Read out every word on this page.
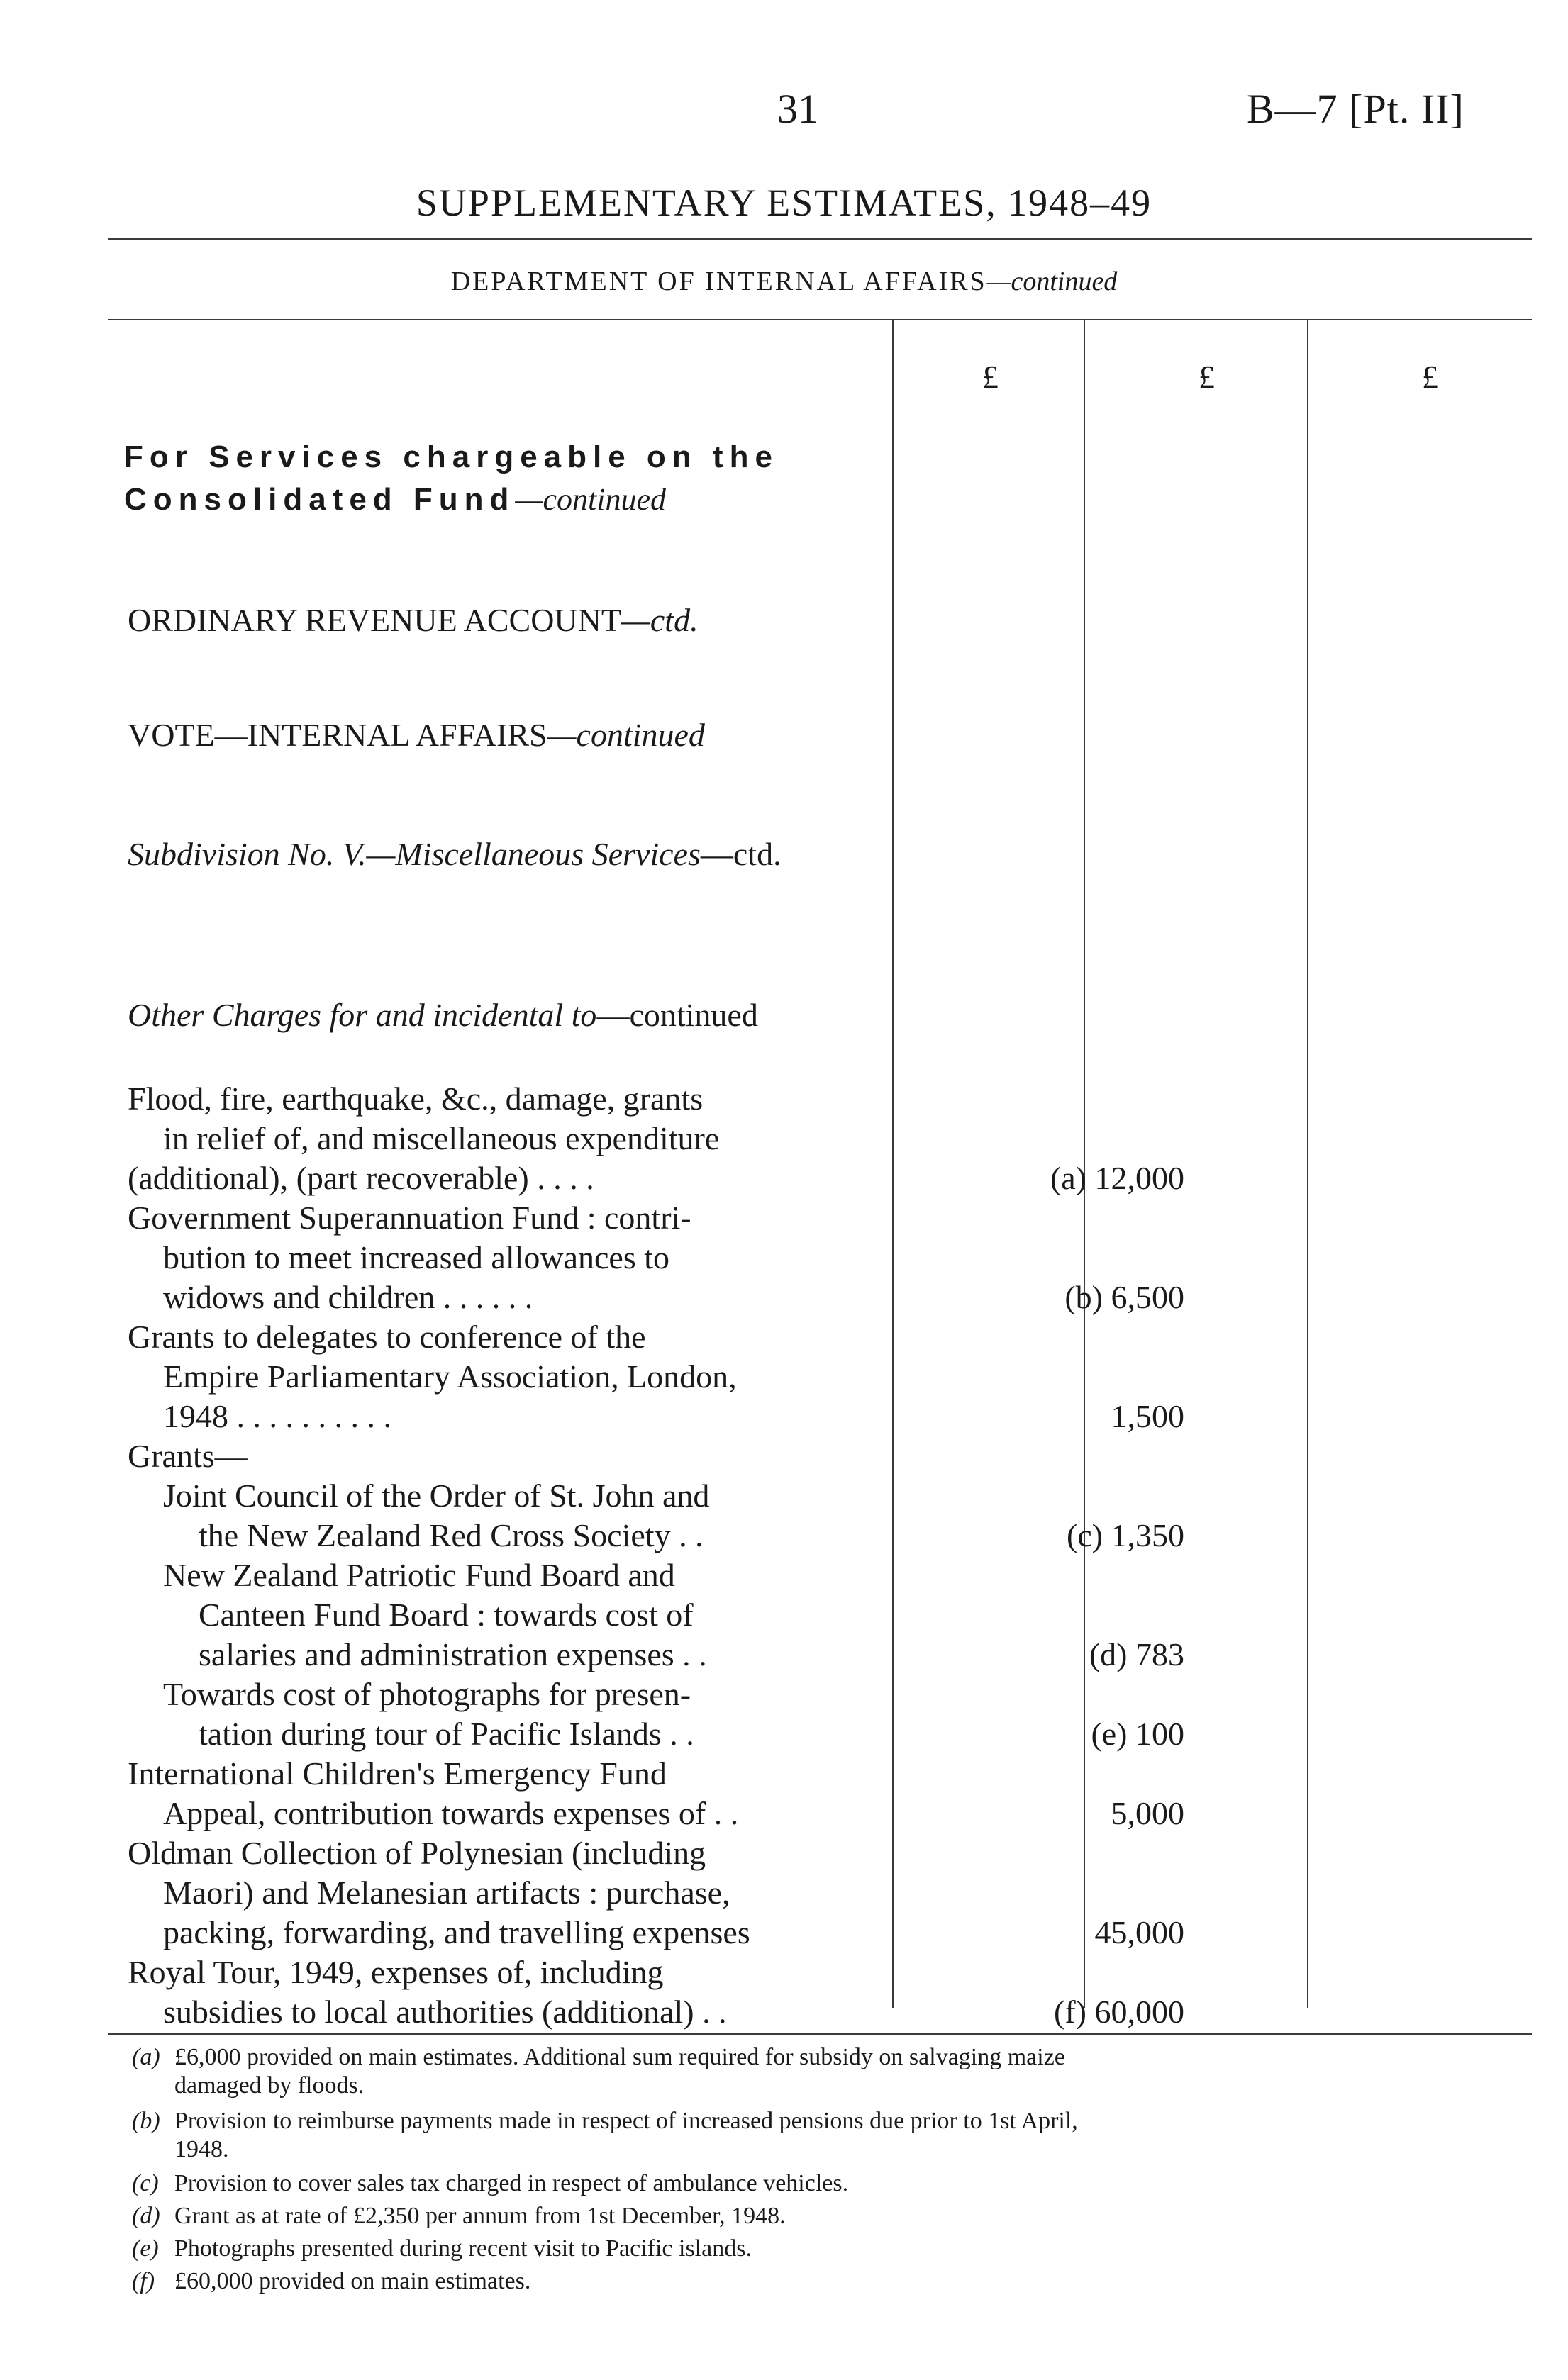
31	B—7 [Pt. II]
SUPPLEMENTARY ESTIMATES, 1948–49
DEPARTMENT OF INTERNAL AFFAIRS—continued
£	£	£
For Services chargeable on the
Consolidated Fund—continued
ORDINARY REVENUE ACCOUNT—ctd.
VOTE—INTERNAL AFFAIRS—continued
Subdivision No. V.—Miscellaneous Services—ctd.
Other Charges for and incidental to—continued
Flood, fire, earthquake, &c., damage, grants
in relief of, and miscellaneous expenditure
(additional), (part recoverable) . . . .	(a) 12,000
Government Superannuation Fund : contri-
bution to meet increased allowances to
widows and children . . . . . .	(b) 6,500
Grants to delegates to conference of the
Empire Parliamentary Association, London,
1948 . . . . . . . . . .	1,500
Grants—
Joint Council of the Order of St. John and
the New Zealand Red Cross Society . .	(c) 1,350
New Zealand Patriotic Fund Board and
Canteen Fund Board : towards cost of
salaries and administration expenses . .	(d) 783
Towards cost of photographs for presen-
tation during tour of Pacific Islands . .	(e) 100
International Children's Emergency Fund
Appeal, contribution towards expenses of . .	5,000
Oldman Collection of Polynesian (including
Maori) and Melanesian artifacts : purchase,
packing, forwarding, and travelling expenses	45,000
Royal Tour, 1949, expenses of, including
subsidies to local authorities (additional) . .	(f) 60,000
(a) £6,000 provided on main estimates. Additional sum required for subsidy on salvaging maize
damaged by floods.
(b) Provision to reimburse payments made in respect of increased pensions due prior to 1st April,
1948.
(c) Provision to cover sales tax charged in respect of ambulance vehicles.
(d) Grant as at rate of £2,350 per annum from 1st December, 1948.
(e) Photographs presented during recent visit to Pacific islands.
(f) £60,000 provided on main estimates.
